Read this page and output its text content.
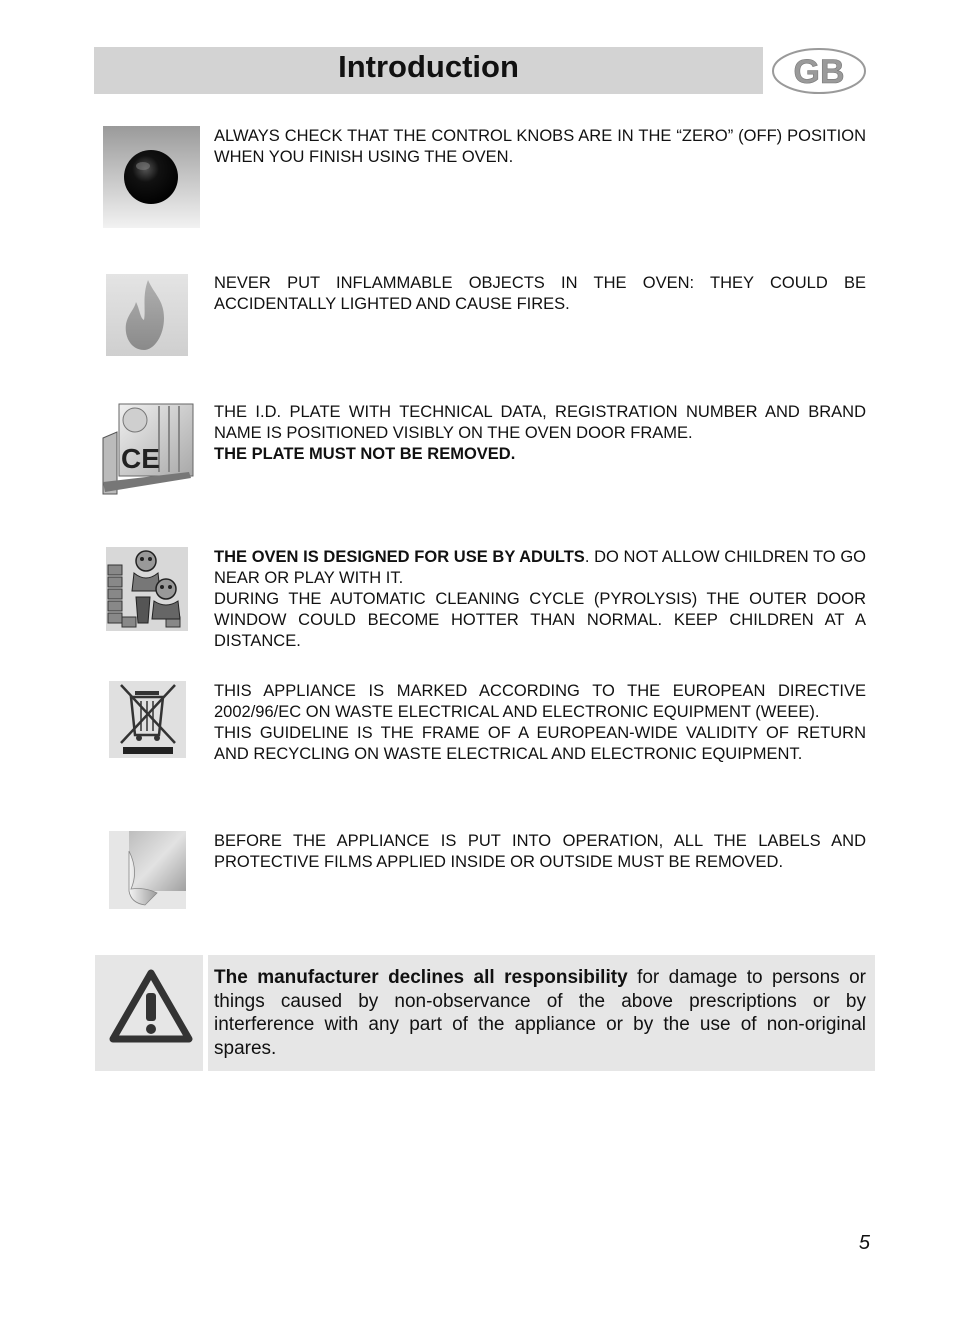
Introduction	GB

ALWAYS CHECK THAT THE CONTROL KNOBS ARE IN THE “ZERO” (OFF) POSITION WHEN YOU FINISH USING THE OVEN.

NEVER PUT INFLAMMABLE OBJECTS IN THE OVEN: THEY COULD BE ACCIDENTALLY LIGHTED AND CAUSE FIRES.

CE

THE I.D. PLATE WITH TECHNICAL DATA, REGISTRATION NUMBER AND BRAND NAME IS POSITIONED VISIBLY ON THE OVEN DOOR FRAME.

THE PLATE MUST NOT BE REMOVED.

THE OVEN IS DESIGNED FOR USE BY ADULTS. DO NOT ALLOW CHILDREN TO GO NEAR OR PLAY WITH IT.

DURING THE AUTOMATIC CLEANING CYCLE (PYROLYSIS) THE OUTER DOOR WINDOW COULD BECOME HOTTER THAN NORMAL. KEEP CHILDREN AT A DISTANCE.

THIS APPLIANCE IS MARKED ACCORDING TO THE EUROPEAN DIRECTIVE 2002/96/EC ON WASTE ELECTRICAL AND ELECTRONIC EQUIPMENT (WEEE).

THIS GUIDELINE IS THE FRAME OF A EUROPEAN-WIDE VALIDITY OF RETURN AND RECYCLING ON WASTE ELECTRICAL AND ELECTRONIC EQUIPMENT.

BEFORE THE APPLIANCE IS PUT INTO OPERATION, ALL THE LABELS AND PROTECTIVE FILMS APPLIED INSIDE OR OUTSIDE MUST BE REMOVED.

The manufacturer declines all responsibility for damage to persons or things caused by non-observance of the above prescriptions or by interference with any part of the appliance or by the use of non-original spares.
5
